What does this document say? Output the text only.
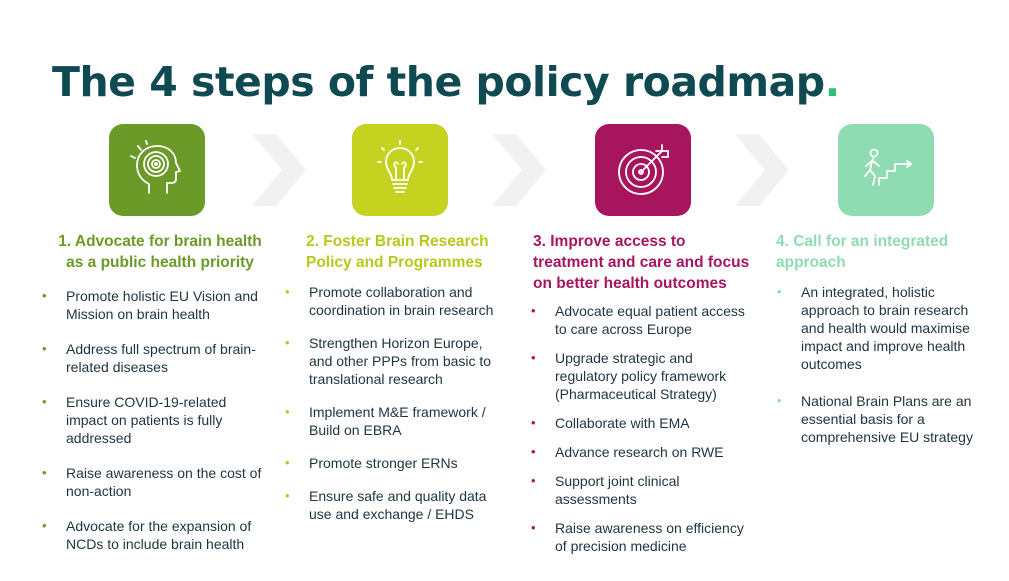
The 4 steps of the policy roadmap.
1. Advocate for brain health
as a public health priority
2. Foster Brain Research
Policy and Programmes
3. Improve access to
treatment and care and focus
on better health outcomes
4. Call for an integrated
approach
• Promote holistic EU Vision and
Mission on brain health
• Address full spectrum of brain-
related diseases
• Ensure COVID-19-related
impact on patients is fully
addressed
• Raise awareness on the cost of
non-action
• Advocate for the expansion of
NCDs to include brain health
• Promote collaboration and
coordination in brain research
• Strengthen Horizon Europe,
and other PPPs from basic to
translational research
• Implement M&E framework /
Build on EBRA
• Promote stronger ERNs
• Ensure safe and quality data
use and exchange / EHDS
• Advocate equal patient access
to care across Europe
• Upgrade strategic and
regulatory policy framework
(Pharmaceutical Strategy)
• Collaborate with EMA
• Advance research on RWE
• Support joint clinical
assessments
• Raise awareness on efficiency
of precision medicine
• An integrated, holistic
approach to brain research
and health would maximise
impact and improve health
outcomes
• National Brain Plans are an
essential basis for a
comprehensive EU strategy
